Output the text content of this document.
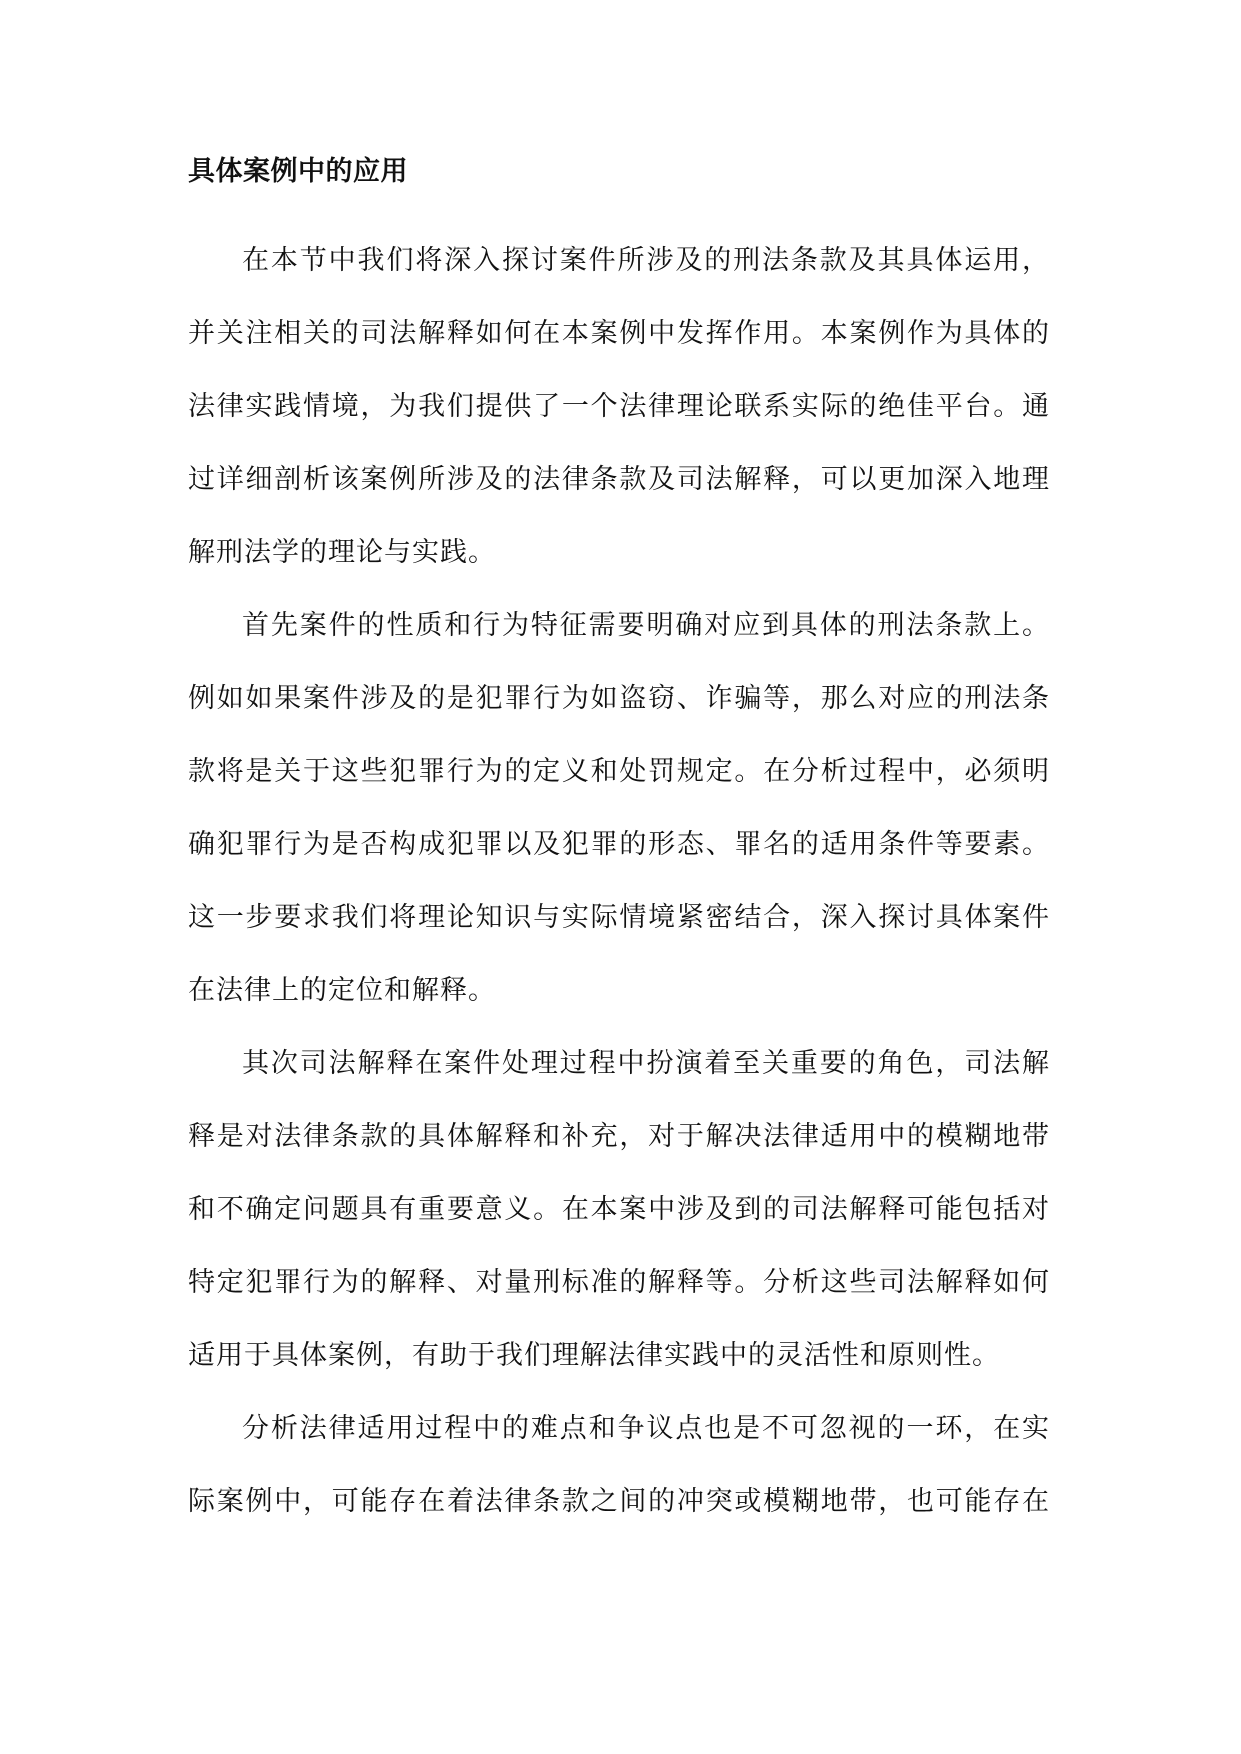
具体案例中的应用

在本节中我们将深入探讨案件所涉及的刑法条款及其具体运用，
并关注相关的司法解释如何在本案例中发挥作用。本案例作为具体的
法律实践情境，为我们提供了一个法律理论联系实际的绝佳平台。通
过详细剖析该案例所涉及的法律条款及司法解释，可以更加深入地理
解刑法学的理论与实践。

首先案件的性质和行为特征需要明确对应到具体的刑法条款上。
例如如果案件涉及的是犯罪行为如盗窃、诈骗等，那么对应的刑法条
款将是关于这些犯罪行为的定义和处罚规定。在分析过程中，必须明
确犯罪行为是否构成犯罪以及犯罪的形态、罪名的适用条件等要素。
这一步要求我们将理论知识与实际情境紧密结合，深入探讨具体案件
在法律上的定位和解释。

其次司法解释在案件处理过程中扮演着至关重要的角色，司法解
释是对法律条款的具体解释和补充，对于解决法律适用中的模糊地带
和不确定问题具有重要意义。在本案中涉及到的司法解释可能包括对
特定犯罪行为的解释、对量刑标准的解释等。分析这些司法解释如何
适用于具体案例，有助于我们理解法律实践中的灵活性和原则性。

分析法律适用过程中的难点和争议点也是不可忽视的一环，在实
际案例中，可能存在着法律条款之间的冲突或模糊地带，也可能存在
